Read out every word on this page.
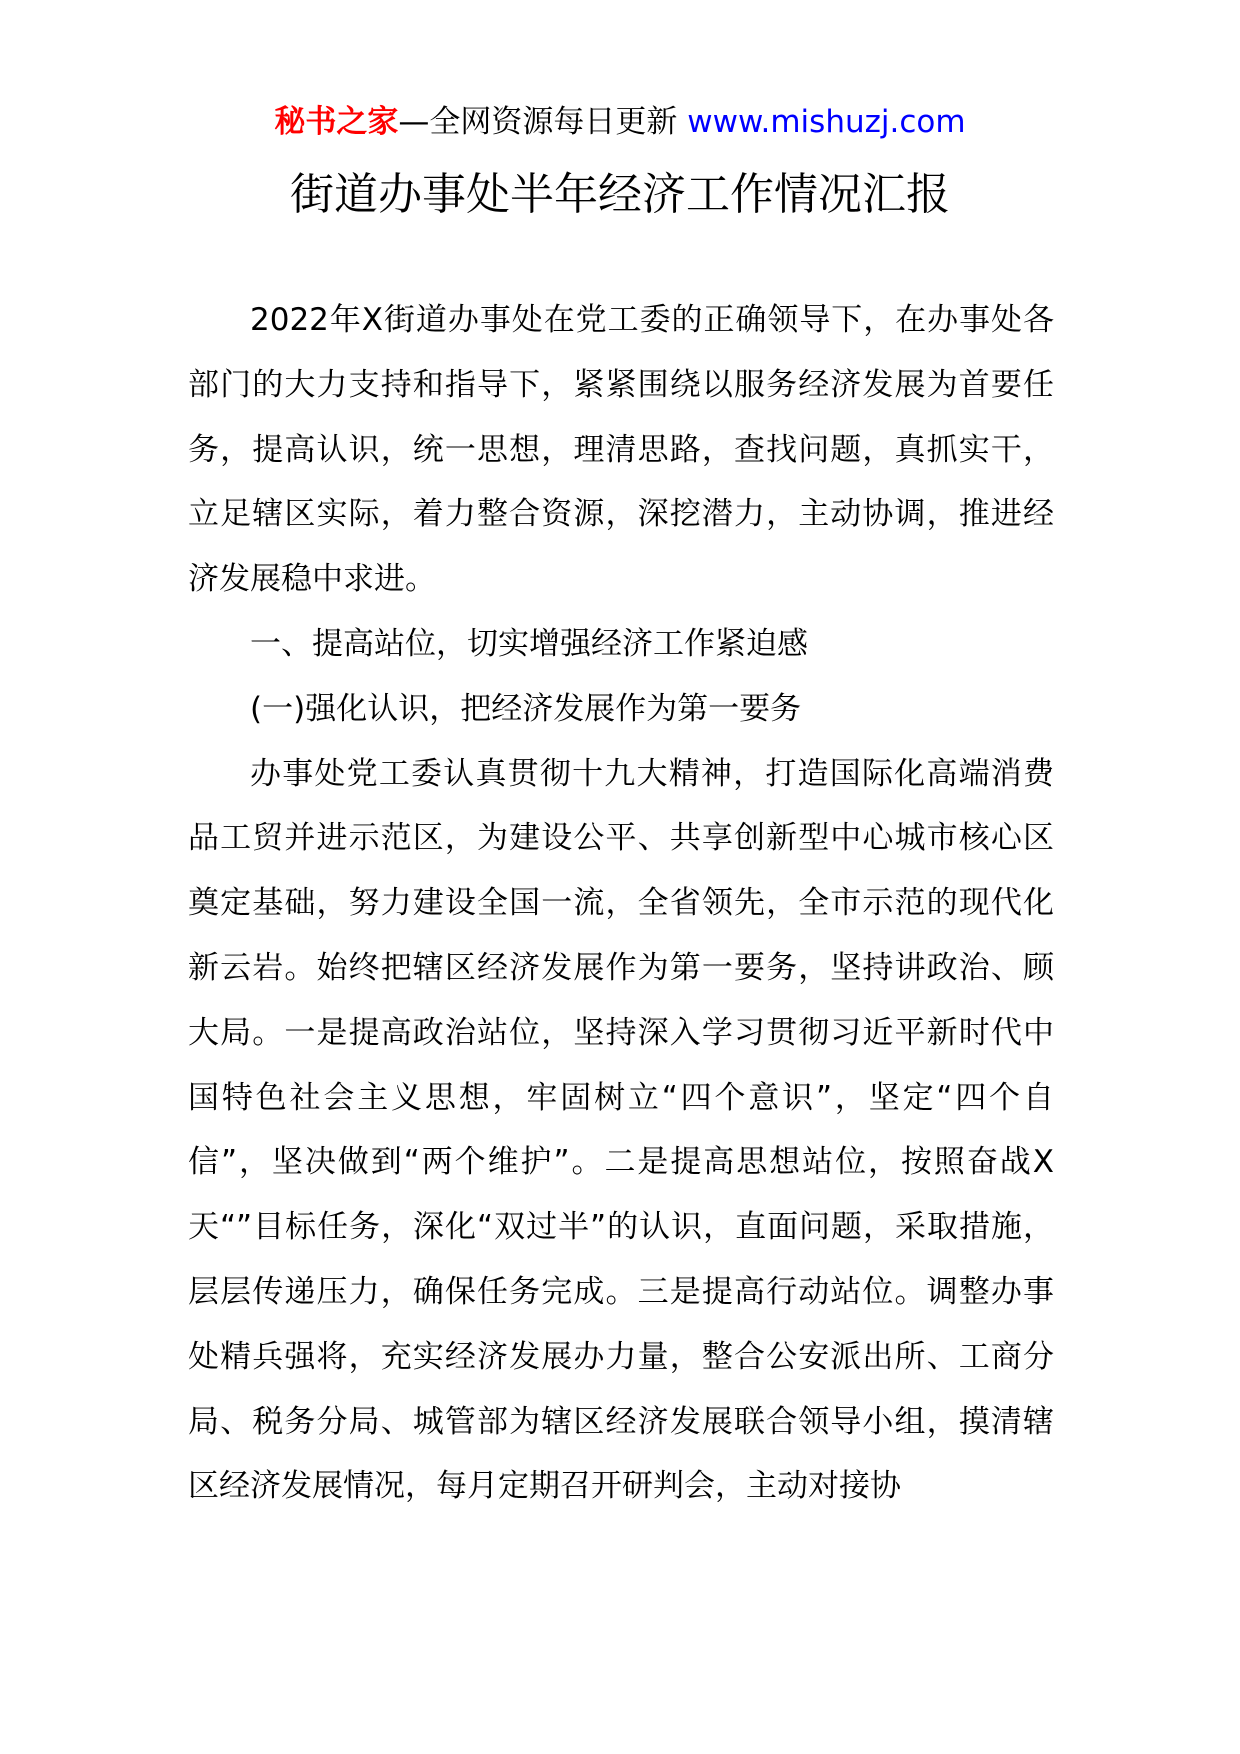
秘书之家—全网资源每日更新 www.mishuzj.com
街道办事处半年经济工作情况汇报

2022年X街道办事处在党工委的正确领导下，在办事处各部门的大力支持和指导下，紧紧围绕以服务经济发展为首要任务，提高认识，统一思想，理清思路，查找问题，真抓实干，立足辖区实际，着力整合资源，深挖潜力，主动协调，推进经济发展稳中求进。

一、提高站位，切实增强经济工作紧迫感

(一)强化认识，把经济发展作为第一要务

办事处党工委认真贯彻十九大精神，打造国际化高端消费品工贸并进示范区，为建设公平、共享创新型中心城市核心区奠定基础，努力建设全国一流，全省领先，全市示范的现代化新云岩。始终把辖区经济发展作为第一要务，坚持讲政治、顾大局。一是提高政治站位，坚持深入学习贯彻习近平新时代中国特色社会主义思想，牢固树立“四个意识”，坚定“四个自信”，坚决做到“两个维护”。二是提高思想站位，按照奋战X天“”目标任务，深化“双过半”的认识，直面问题，采取措施，层层传递压力，确保任务完成。三是提高行动站位。调整办事处精兵强将，充实经济发展办力量，整合公安派出所、工商分局、税务分局、城管部为辖区经济发展联合领导小组，摸清辖区经济发展情况，每月定期召开研判会，主动对接协
